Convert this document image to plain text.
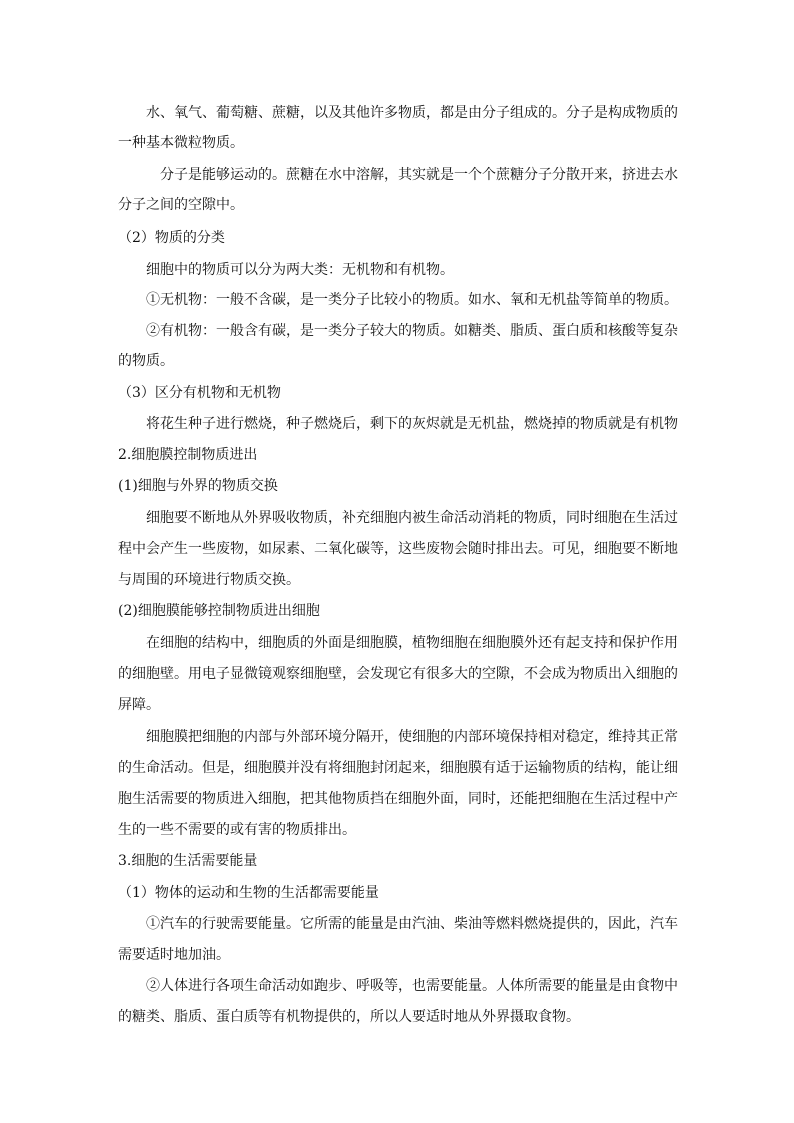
水、氧气、葡萄糖、蔗糖，以及其他许多物质，都是由分子组成的。分子是构成物质的
一种基本微粒物质。
分子是能够运动的。蔗糖在水中溶解，其实就是一个个蔗糖分子分散开来，挤进去水
分子之间的空隙中。
（2）物质的分类
细胞中的物质可以分为两大类：无机物和有机物。
①无机物：一般不含碳，是一类分子比较小的物质。如水、氧和无机盐等简单的物质。
②有机物：一般含有碳，是一类分子较大的物质。如糖类、脂质、蛋白质和核酸等复杂
的物质。
（3）区分有机物和无机物
将花生种子进行燃烧，种子燃烧后，剩下的灰烬就是无机盐，燃烧掉的物质就是有机物
2.细胞膜控制物质进出
(1)细胞与外界的物质交换
细胞要不断地从外界吸收物质，补充细胞内被生命活动消耗的物质，同时细胞在生活过
程中会产生一些废物，如尿素、二氧化碳等，这些废物会随时排出去。可见，细胞要不断地
与周围的环境进行物质交换。
(2)细胞膜能够控制物质进出细胞
在细胞的结构中，细胞质的外面是细胞膜，植物细胞在细胞膜外还有起支持和保护作用
的细胞壁。用电子显微镜观察细胞壁，会发现它有很多大的空隙，不会成为物质出入细胞的
屏障。
细胞膜把细胞的内部与外部环境分隔开，使细胞的内部环境保持相对稳定，维持其正常
的生命活动。但是，细胞膜并没有将细胞封闭起来，细胞膜有适于运输物质的结构，能让细
胞生活需要的物质进入细胞，把其他物质挡在细胞外面，同时，还能把细胞在生活过程中产
生的一些不需要的或有害的物质排出。
3.细胞的生活需要能量
（1）物体的运动和生物的生活都需要能量
①汽车的行驶需要能量。它所需的能量是由汽油、柴油等燃料燃烧提供的，因此，汽车
需要适时地加油。
②人体进行各项生命活动如跑步、呼吸等，也需要能量。人体所需要的能量是由食物中
的糖类、脂质、蛋白质等有机物提供的，所以人要适时地从外界摄取食物。
